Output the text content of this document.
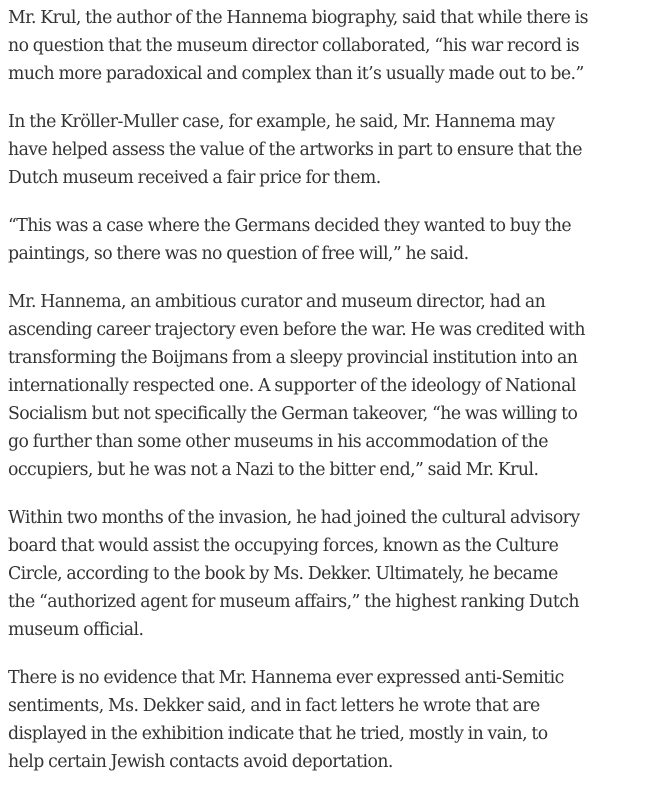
Mr. Krul, the author of the Hannema biography, said that while there is
no question that the museum director collaborated, “his war record is
much more paradoxical and complex than it’s usually made out to be.”

In the Kröller-Muller case, for example, he said, Mr. Hannema may
have helped assess the value of the artworks in part to ensure that the
Dutch museum received a fair price for them.

“This was a case where the Germans decided they wanted to buy the
paintings, so there was no question of free will,” he said.

Mr. Hannema, an ambitious curator and museum director, had an
ascending career trajectory even before the war. He was credited with
transforming the Boijmans from a sleepy provincial institution into an
internationally respected one. A supporter of the ideology of National
Socialism but not specifically the German takeover, “he was willing to
go further than some other museums in his accommodation of the
occupiers, but he was not a Nazi to the bitter end,” said Mr. Krul.

Within two months of the invasion, he had joined the cultural advisory
board that would assist the occupying forces, known as the Culture
Circle, according to the book by Ms. Dekker. Ultimately, he became
the “authorized agent for museum affairs,” the highest ranking Dutch
museum official.

There is no evidence that Mr. Hannema ever expressed anti-Semitic
sentiments, Ms. Dekker said, and in fact letters he wrote that are
displayed in the exhibition indicate that he tried, mostly in vain, to
help certain Jewish contacts avoid deportation.
